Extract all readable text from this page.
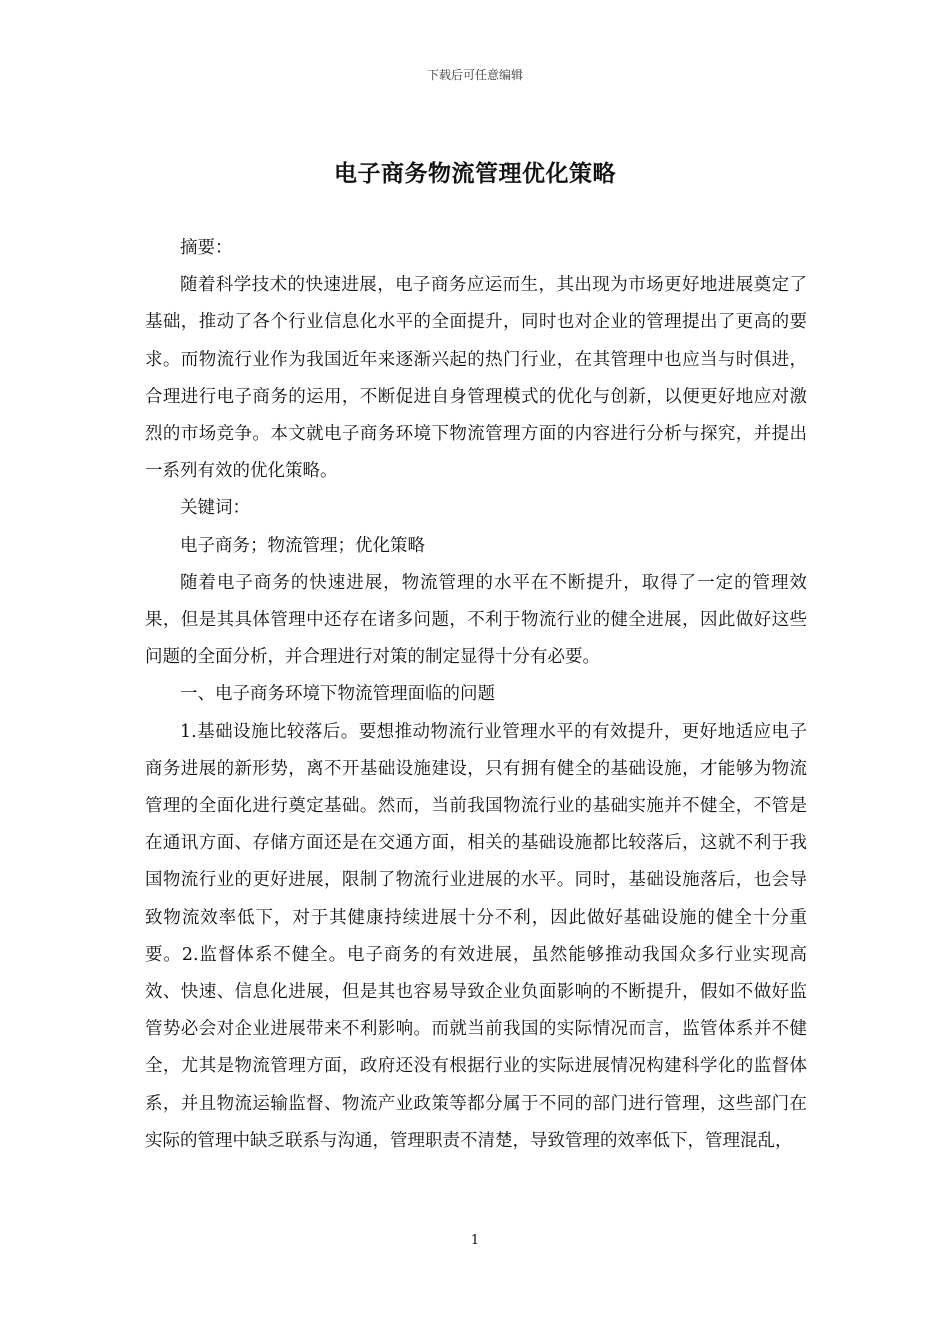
下载后可任意编辑
电子商务物流管理优化策略

摘要：

随着科学技术的快速进展，电子商务应运而生，其出现为市场更好地进展奠定了基础，推动了各个行业信息化水平的全面提升，同时也对企业的管理提出了更高的要求。而物流行业作为我国近年来逐渐兴起的热门行业，在其管理中也应当与时俱进，合理进行电子商务的运用，不断促进自身管理模式的优化与创新，以便更好地应对激烈的市场竞争。本文就电子商务环境下物流管理方面的内容进行分析与探究，并提出一系列有效的优化策略。

关键词：

电子商务；物流管理；优化策略

随着电子商务的快速进展，物流管理的水平在不断提升，取得了一定的管理效果，但是其具体管理中还存在诸多问题，不利于物流行业的健全进展，因此做好这些问题的全面分析，并合理进行对策的制定显得十分有必要。

一、电子商务环境下物流管理面临的问题

1.基础设施比较落后。要想推动物流行业管理水平的有效提升，更好地适应电子商务进展的新形势，离不开基础设施建设，只有拥有健全的基础设施，才能够为物流管理的全面化进行奠定基础。然而，当前我国物流行业的基础实施并不健全，不管是在通讯方面、存储方面还是在交通方面，相关的基础设施都比较落后，这就不利于我国物流行业的更好进展，限制了物流行业进展的水平。同时，基础设施落后，也会导致物流效率低下，对于其健康持续进展十分不利，因此做好基础设施的健全十分重要。2.监督体系不健全。电子商务的有效进展，虽然能够推动我国众多行业实现高效、快速、信息化进展，但是其也容易导致企业负面影响的不断提升，假如不做好监管势必会对企业进展带来不利影响。而就当前我国的实际情况而言，监管体系并不健全，尤其是物流管理方面，政府还没有根据行业的实际进展情况构建科学化的监督体系，并且物流运输监督、物流产业政策等都分属于不同的部门进行管理，这些部门在实际的管理中缺乏联系与沟通，管理职责不清楚，导致管理的效率低下，管理混乱，

1
